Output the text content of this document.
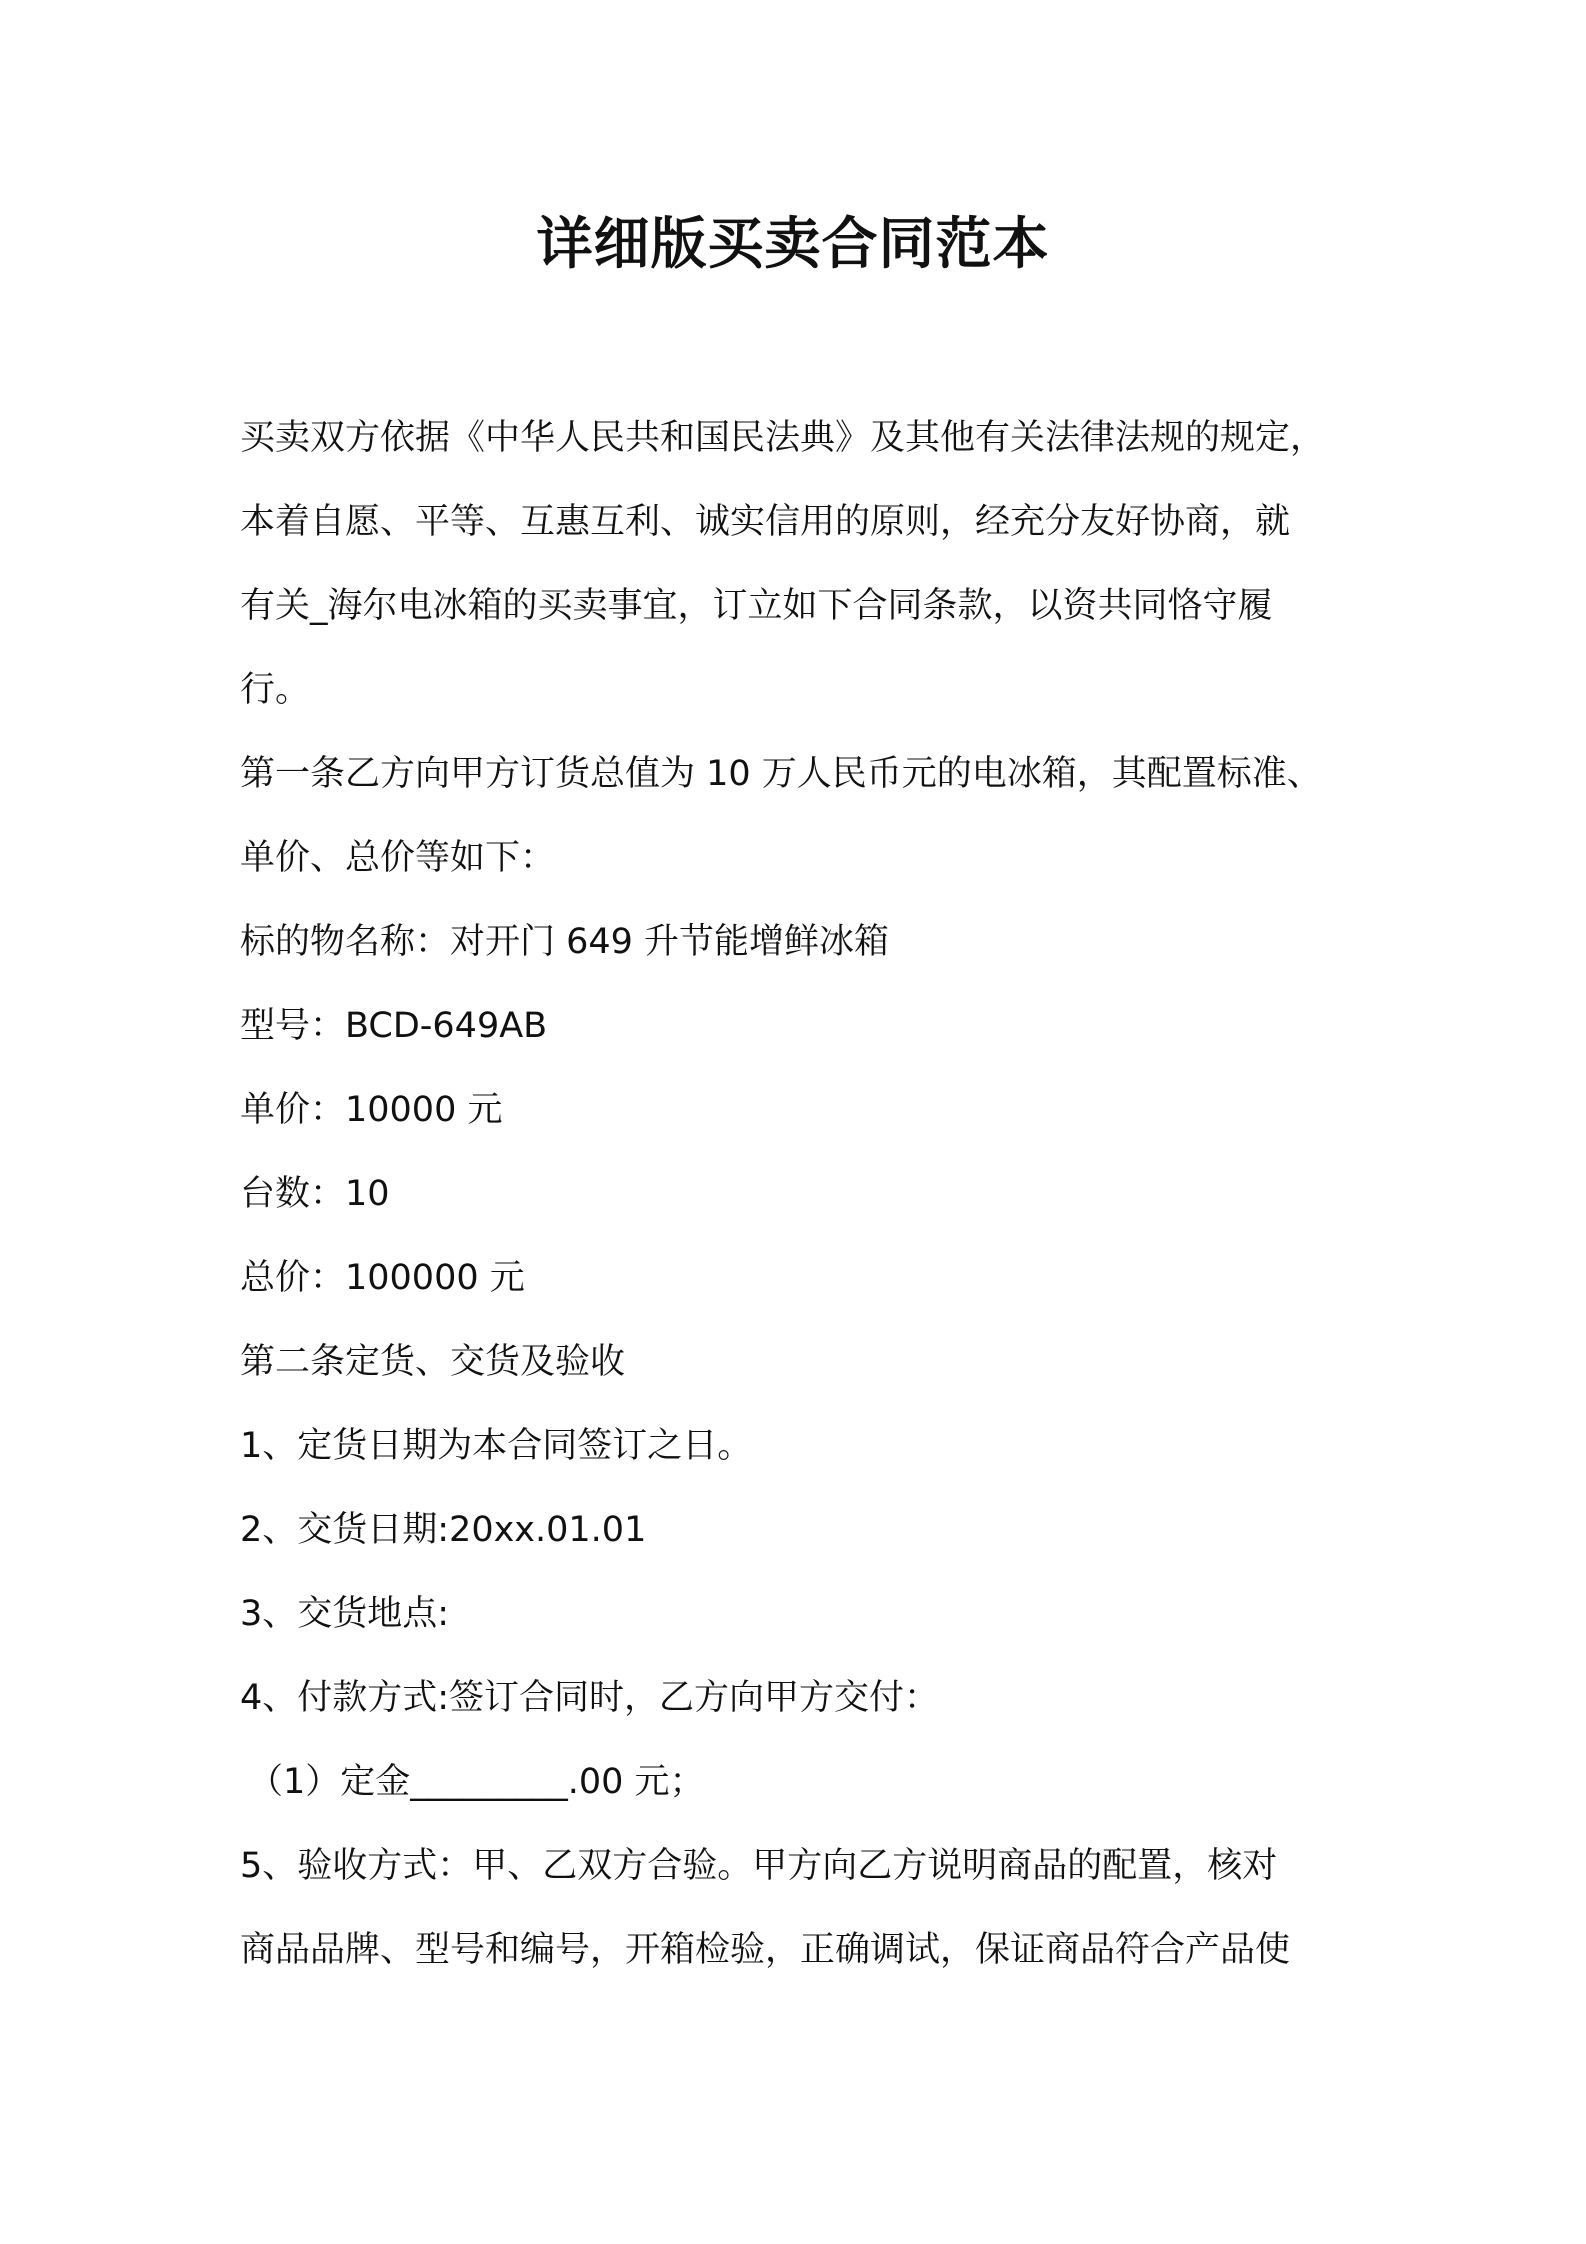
详细版买卖合同范本

买卖双方依据《中华人民共和国民法典》及其他有关法律法规的规定，

本着自愿、平等、互惠互利、诚实信用的原则，经充分友好协商，就

有关_海尔电冰箱的买卖事宜，订立如下合同条款，以资共同恪守履

行。

第一条乙方向甲方订货总值为 10 万人民币元的电冰箱，其配置标准、

单价、总价等如下：

标的物名称：对开门 649 升节能增鲜冰箱

型号：BCD-649AB

单价：10000 元

台数：10

总价：100000 元

第二条定货、交货及验收

1、定货日期为本合同签订之日。

2、交货日期:20xx.01.01

3、交货地点:

4、付款方式:签订合同时，乙方向甲方交付：

（1）定金_________.00 元；

5、验收方式：甲、乙双方合验。甲方向乙方说明商品的配置，核对

商品品牌、型号和编号，开箱检验，正确调试，保证商品符合产品使
